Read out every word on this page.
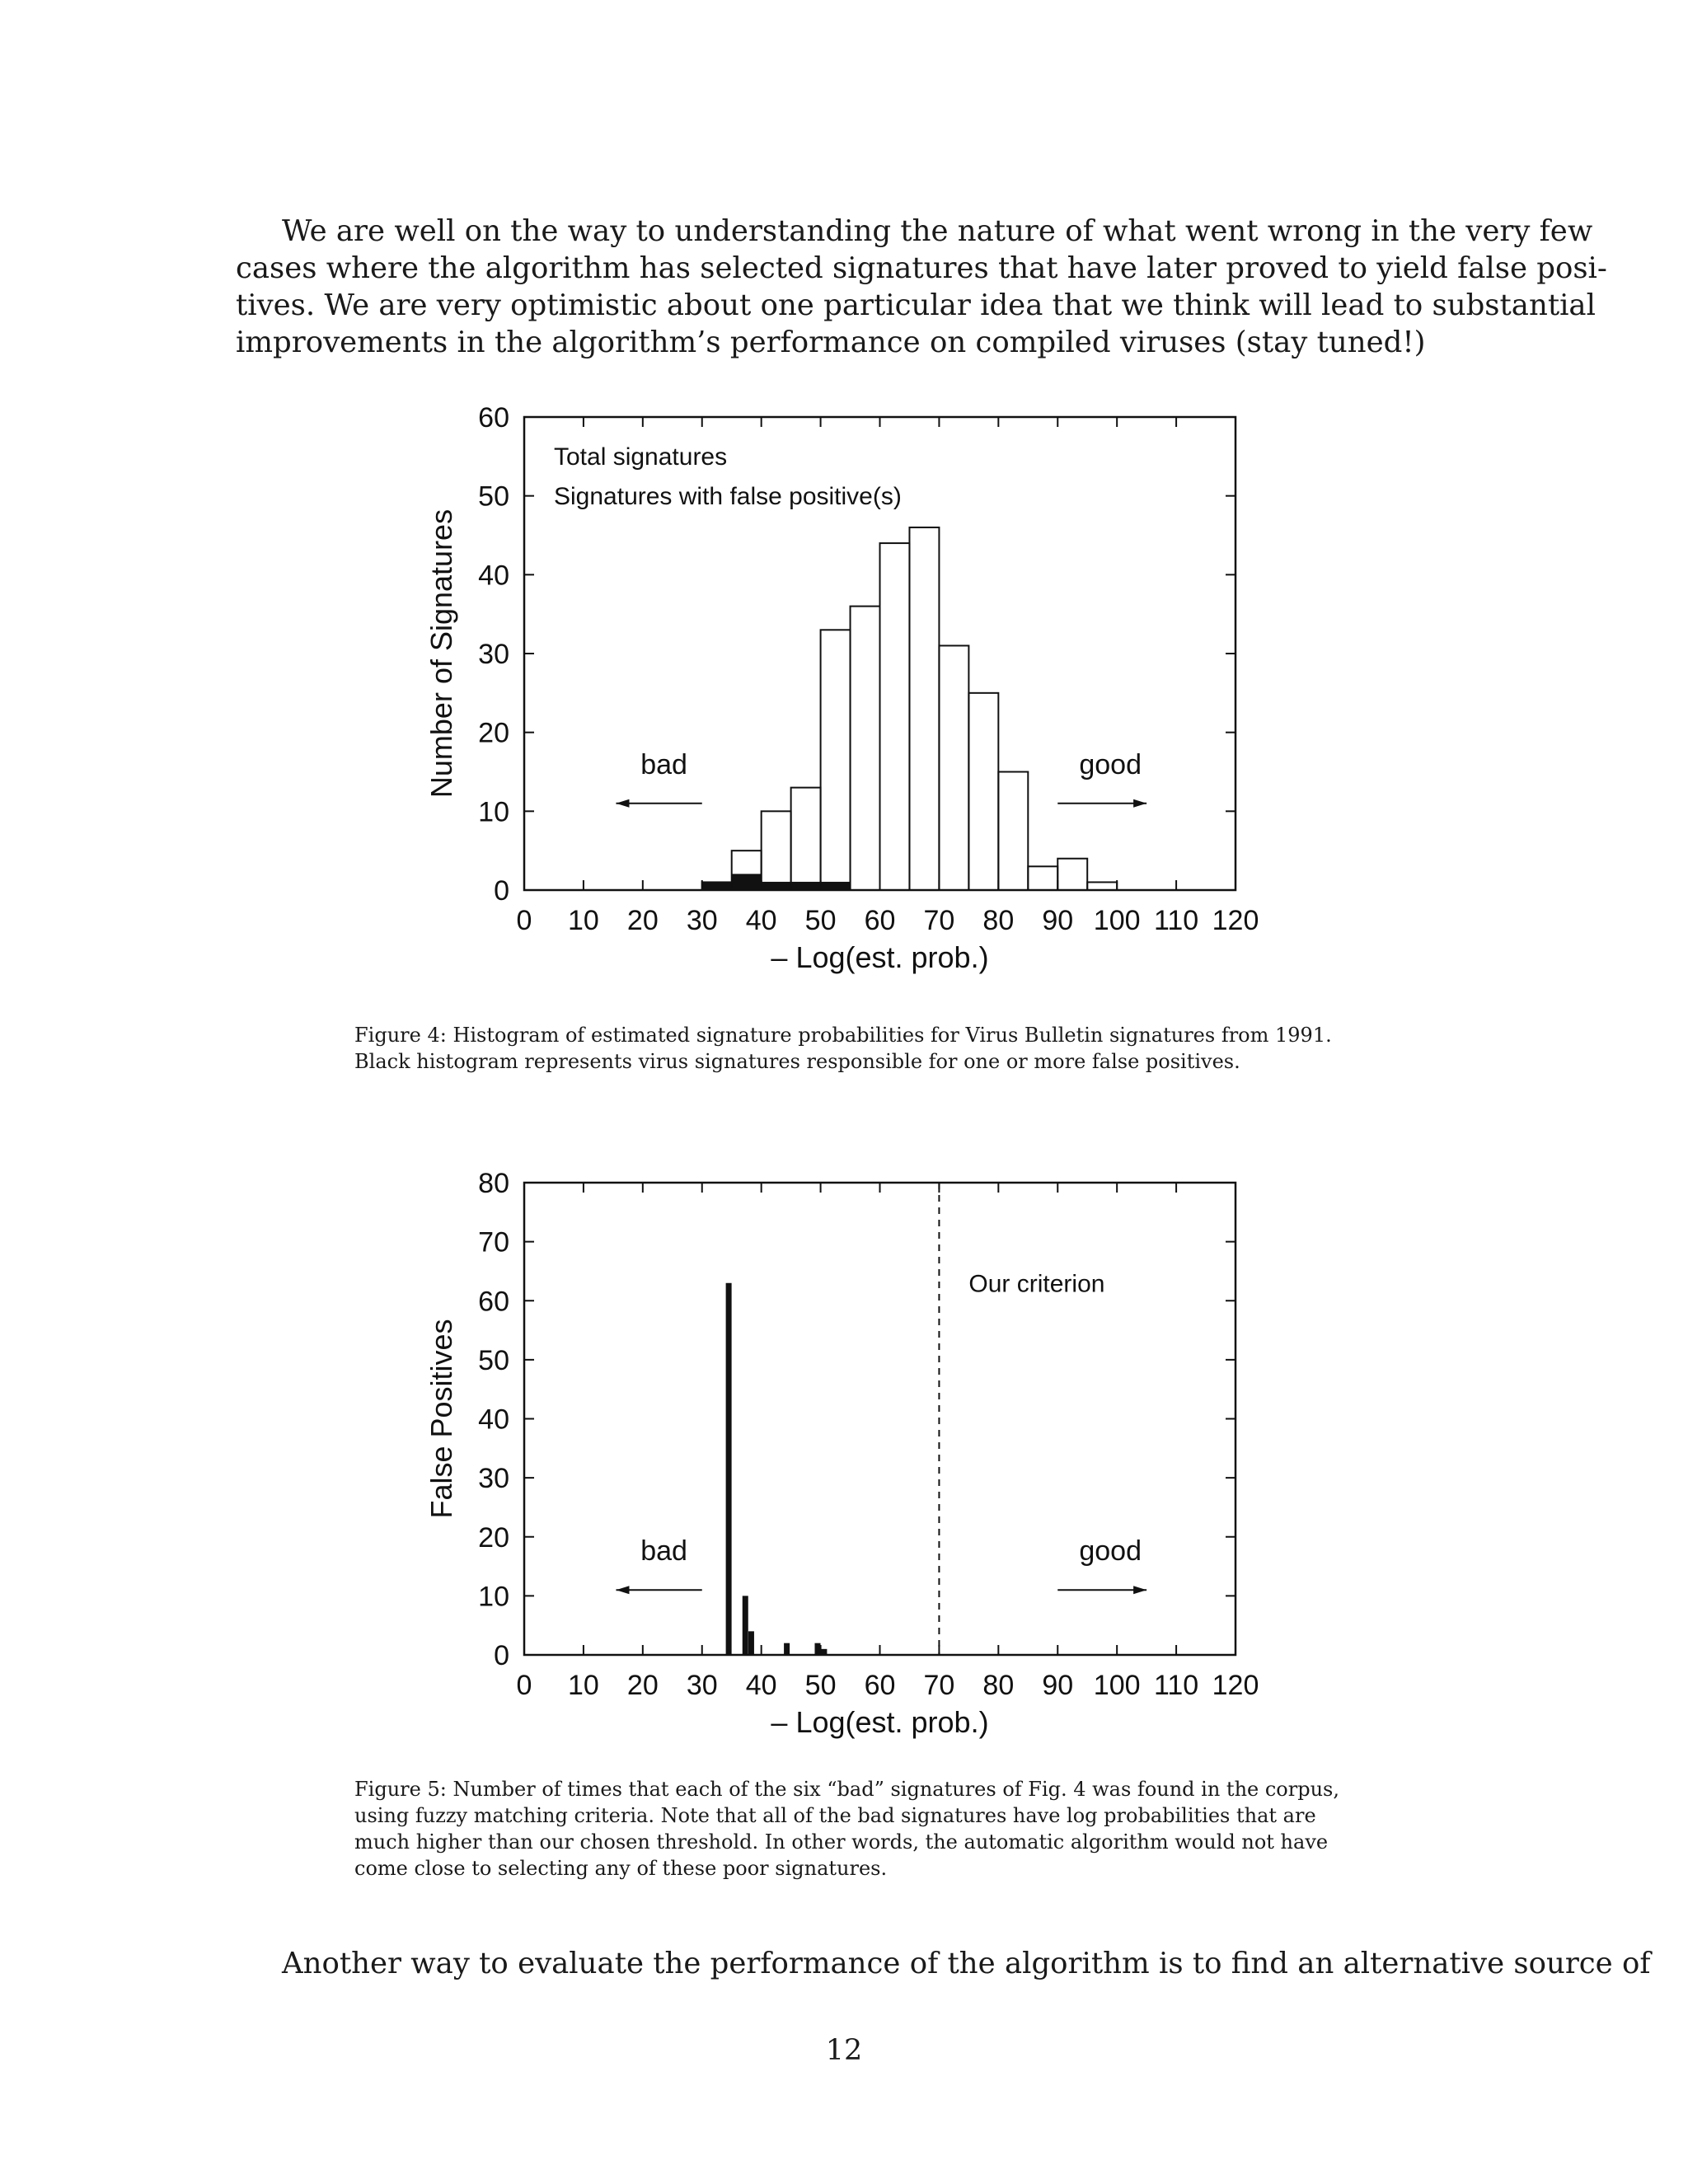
We are well on the way to understanding the nature of what went wrong in the very few
cases where the algorithm has selected signatures that have later proved to yield false posi-
tives. We are very optimistic about one particular idea that we think will lead to substantial
improvements in the algorithm’s performance on compiled viruses (stay tuned!)
0 10 20 30 40 50 60 70 80 90 100 110 120
0
10
20
30
40
50
60
– Log(est. prob.)
Number of Signatures
Total signatures
Signatures with false positive(s)
bad	good
Figure 4: Histogram of estimated signature probabilities for Virus Bulletin signatures from 1991.
Black histogram represents virus signatures responsible for one or more false positives.
0 10 20 30 40 50 60 70 80 90 100 110 120
0
10
20
30
40
50
60
70
80
– Log(est. prob.)
False Positives
Our criterion
bad	good
Figure 5: Number of times that each of the six “bad” signatures of Fig. 4 was found in the corpus,
using fuzzy matching criteria. Note that all of the bad signatures have log probabilities that are
much higher than our chosen threshold. In other words, the automatic algorithm would not have
come close to selecting any of these poor signatures.
Another way to evaluate the performance of the algorithm is to find an alternative source of
12
